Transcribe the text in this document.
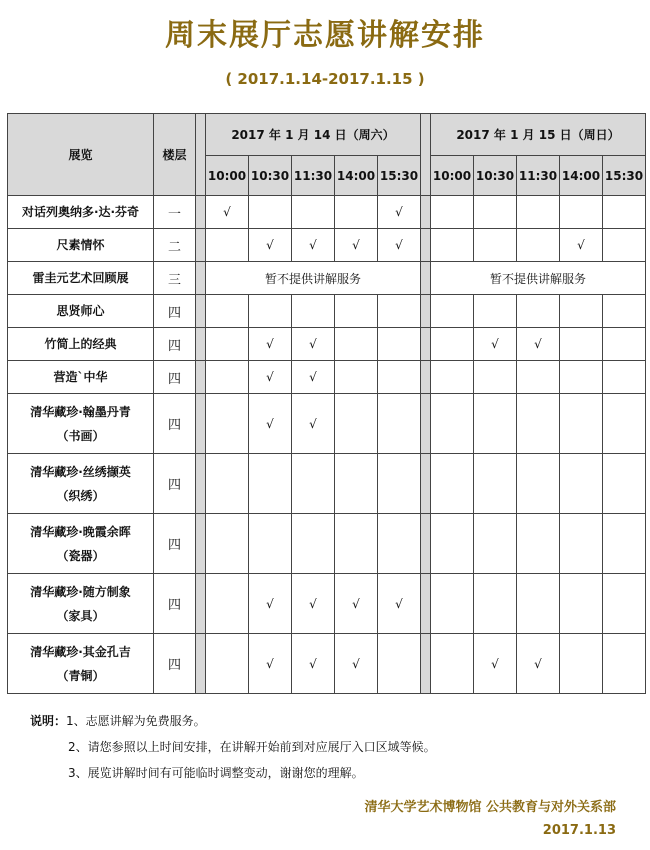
周末展厅志愿讲解安排
( 2017.1.14-2017.1.15 )
展览	楼层		2017 年 1 月 14 日（周六）						2017 年 1 月 15 日（周日）				
			10:00	10:30	11:30	14:00	15:30		10:00	10:30	11:30	14:00	15:30

对话列奥纳多·达·芬奇	一		√				√						

尺素情怀	二			√	√	√	√					√	

雷圭元艺术回顾展	三		暂不提供讲解服务						暂不提供讲解服务				

思贤师心	四												

竹简上的经典	四			√	√					√	√		

营造`中华	四			√	√								

清华藏珍·翰墨丹青
（书画）	四			√	√								

清华藏珍·丝绣撷英
（织绣）	四												

清华藏珍·晚霞余晖
（瓷器）	四												

清华藏珍·随方制象
（家具）	四			√	√	√	√						

清华藏珍·其金孔吉
（青铜）	四			√	√	√				√	√		
说明：1、志愿讲解为免费服务。
2、请您参照以上时间安排，在讲解开始前到对应展厅入口区域等候。
3、展览讲解时间有可能临时调整变动，谢谢您的理解。
清华大学艺术博物馆 公共教育与对外关系部
2017.1.13
